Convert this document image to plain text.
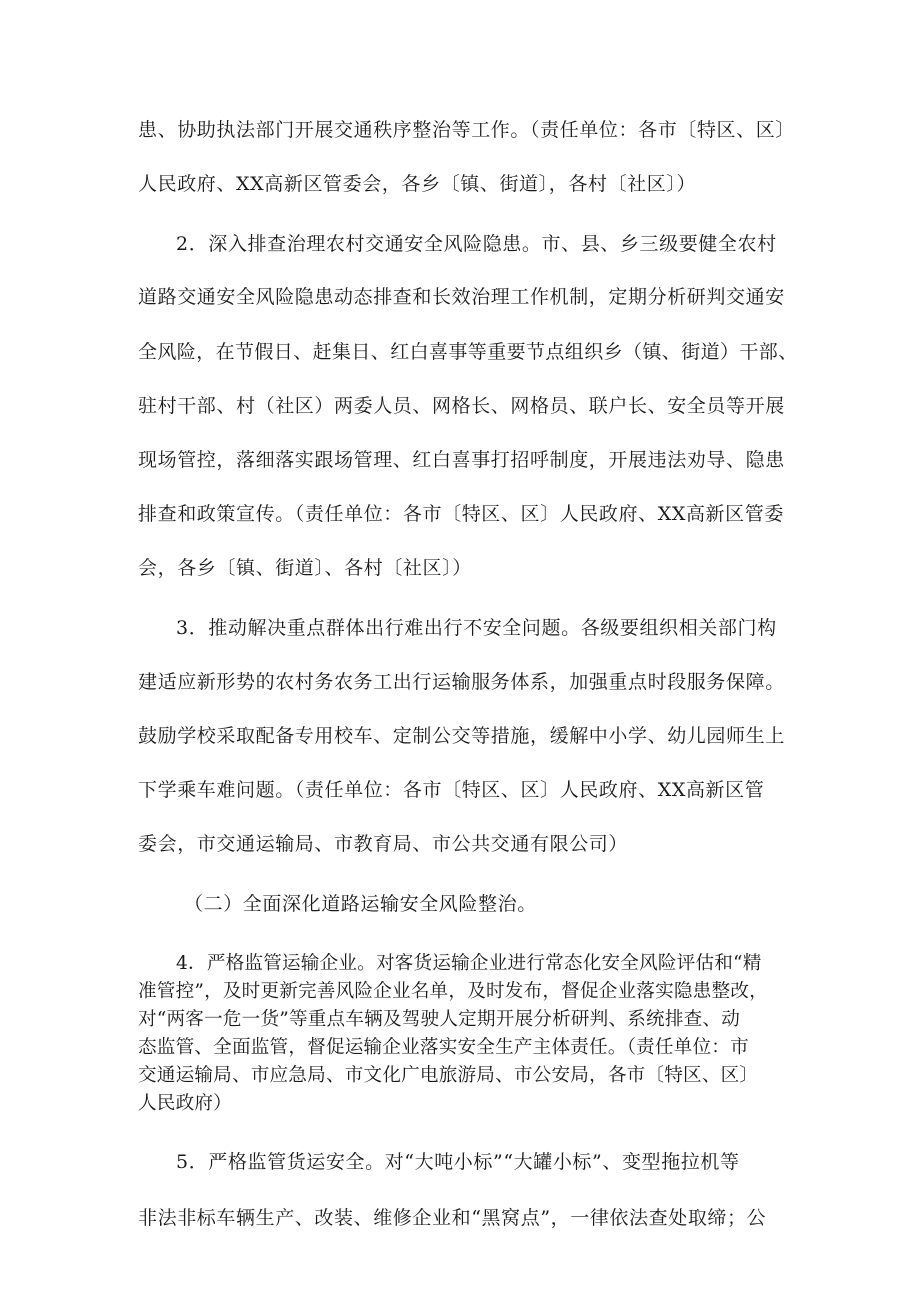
患、协助执法部门开展交通秩序整治等工作。（责任单位：各市〔特区、区〕
人民政府、XX高新区管委会，各乡〔镇、街道〕，各村〔社区〕）
2．深入排查治理农村交通安全风险隐患。市、县、乡三级要健全农村
道路交通安全风险隐患动态排查和长效治理工作机制，定期分析研判交通安
全风险，在节假日、赶集日、红白喜事等重要节点组织乡（镇、街道）干部、
驻村干部、村（社区）两委人员、网格长、网格员、联户长、安全员等开展
现场管控，落细落实跟场管理、红白喜事打招呼制度，开展违法劝导、隐患
排查和政策宣传。（责任单位：各市〔特区、区〕人民政府、XX高新区管委
会，各乡〔镇、街道〕、各村〔社区〕）
3．推动解决重点群体出行难出行不安全问题。各级要组织相关部门构
建适应新形势的农村务农务工出行运输服务体系，加强重点时段服务保障。
鼓励学校采取配备专用校车、定制公交等措施，缓解中小学、幼儿园师生上
下学乘车难问题。（责任单位：各市〔特区、区〕人民政府、XX高新区管
委会，市交通运输局、市教育局、市公共交通有限公司）
（二）全面深化道路运输安全风险整治。
4．严格监管运输企业。对客货运输企业进行常态化安全风险评估和“精
准管控”，及时更新完善风险企业名单，及时发布，督促企业落实隐患整改，
对“两客一危一货”等重点车辆及驾驶人定期开展分析研判、系统排查、动
态监管、全面监管，督促运输企业落实安全生产主体责任。（责任单位：市
交通运输局、市应急局、市文化广电旅游局、市公安局，各市〔特区、区〕
人民政府）
5．严格监管货运安全。对“大吨小标”“大罐小标”、变型拖拉机等
非法非标车辆生产、改装、维修企业和“黑窝点”，一律依法查处取缔；公
